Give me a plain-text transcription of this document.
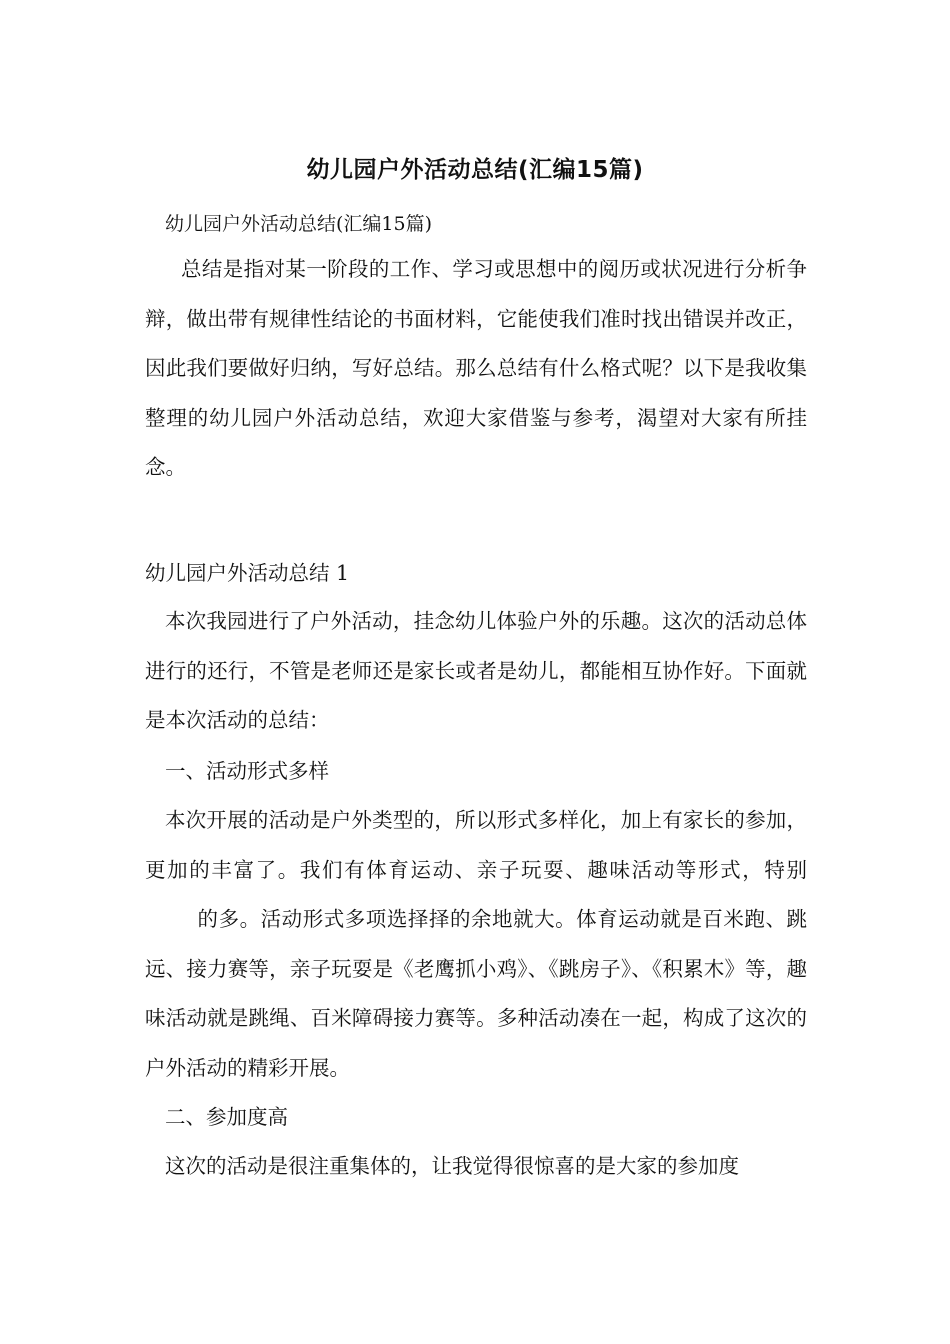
幼儿园户外活动总结(汇编15篇)
幼儿园户外活动总结(汇编15篇)

总结是指对某一阶段的工作、学习或思想中的阅历或状况进行分析争辩，做出带有规律性结论的书面材料，它能使我们准时找出错误并改正，因此我们要做好归纳，写好总结。那么总结有什么格式呢？以下是我收集整理的幼儿园户外活动总结，欢迎大家借鉴与参考，渴望对大家有所挂念。

幼儿园户外活动总结 1

本次我园进行了户外活动，挂念幼儿体验户外的乐趣。这次的活动总体进行的还行，不管是老师还是家长或者是幼儿，都能相互协作好。下面就是本次活动的总结：

一、活动形式多样

本次开展的活动是户外类型的，所以形式多样化，加上有家长的参加，更加的丰富了。我们有体育运动、亲子玩耍、趣味活动等形式，特别的多。活动形式多项选择择的余地就大。体育运动就是百米跑、跳远、接力赛等，亲子玩耍是《老鹰抓小鸡》、《跳房子》、《积累木》等，趣味活动就是跳绳、百米障碍接力赛等。多种活动凑在一起，构成了这次的户外活动的精彩开展。

二、参加度高

这次的活动是很注重集体的，让我觉得很惊喜的是大家的参加度
